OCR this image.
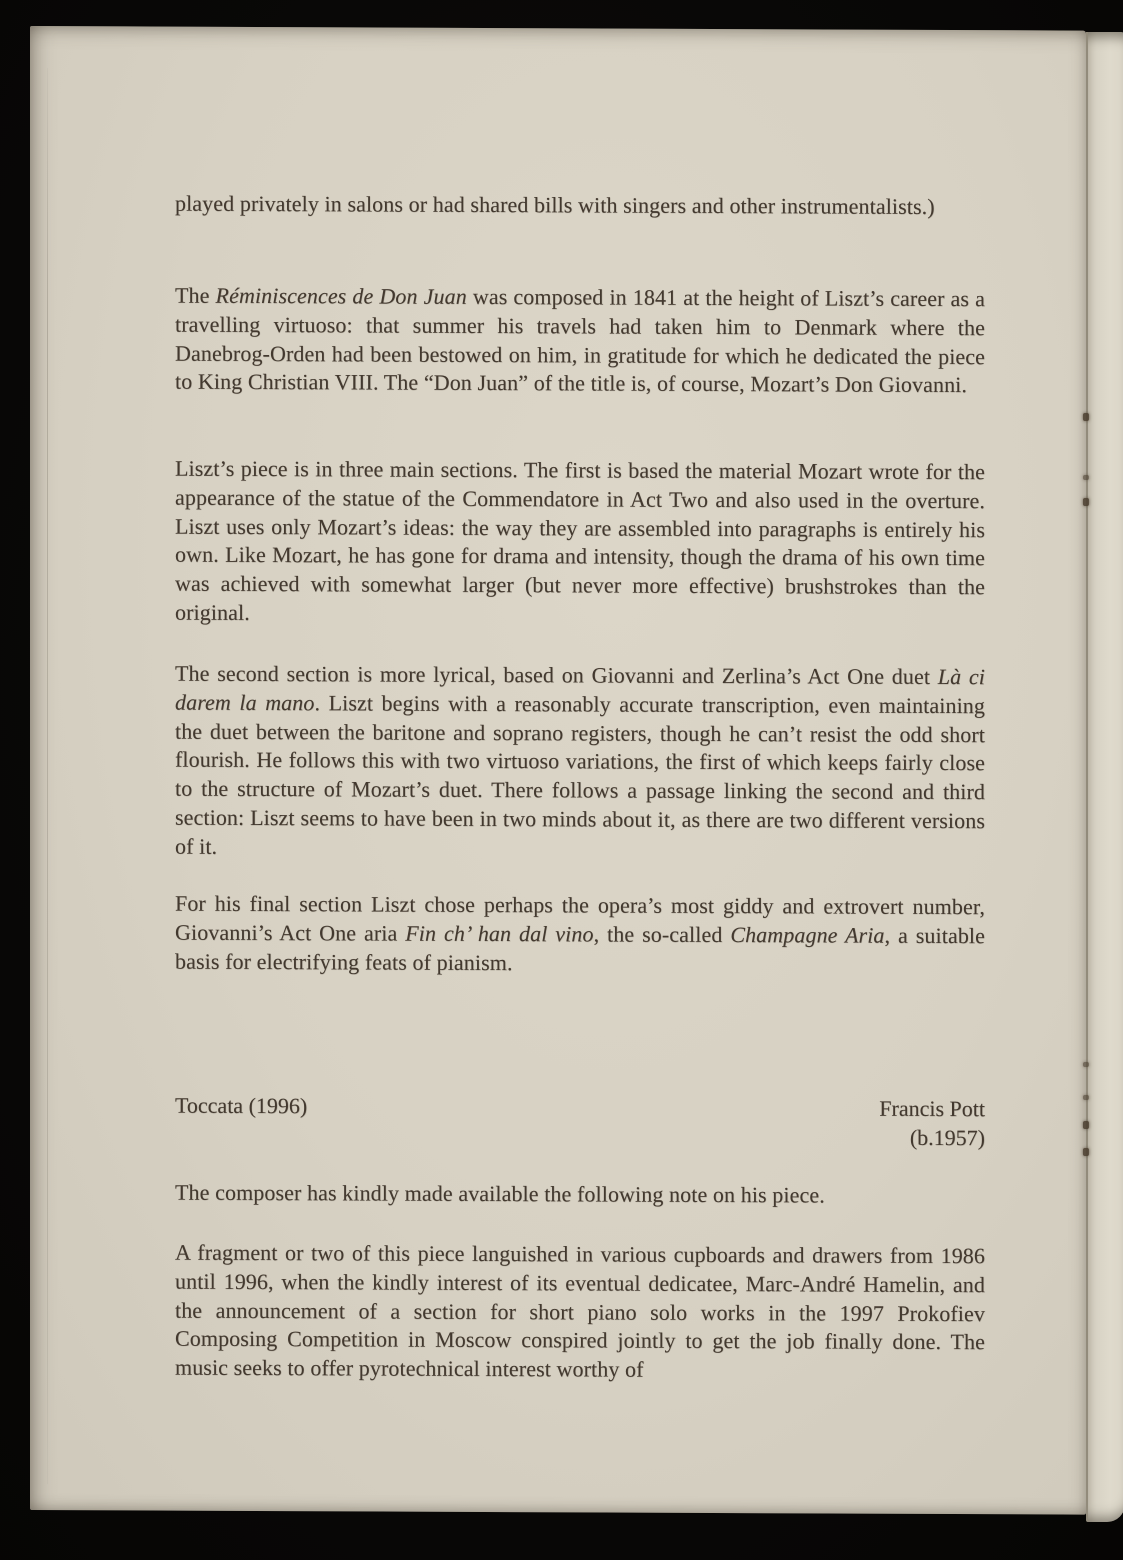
played privately in salons or had shared bills with singers and other instrumentalists.)

The Réminiscences de Don Juan was composed in 1841 at the height of Liszt’s career as a travelling virtuoso: that summer his travels had taken him to Denmark where the Danebrog-Orden had been bestowed on him, in gratitude for which he dedicated the piece to King Christian VIII. The “Don Juan” of the title is, of course, Mozart’s Don Giovanni.

Liszt’s piece is in three main sections. The first is based the material Mozart wrote for the appearance of the statue of the Commendatore in Act Two and also used in the overture. Liszt uses only Mozart’s ideas: the way they are assembled into paragraphs is entirely his own. Like Mozart, he has gone for drama and intensity, though the drama of his own time was achieved with somewhat larger (but never more effective) brushstrokes than the original.

The second section is more lyrical, based on Giovanni and Zerlina’s Act One duet Là ci darem la mano. Liszt begins with a reasonably accurate transcription, even maintaining the duet between the baritone and soprano registers, though he can’t resist the odd short flourish. He follows this with two virtuoso variations, the first of which keeps fairly close to the structure of Mozart’s duet. There follows a passage linking the second and third section: Liszt seems to have been in two minds about it, as there are two different versions of it.

For his final section Liszt chose perhaps the opera’s most giddy and extrovert number, Giovanni’s Act One aria Fin ch’ han dal vino, the so-called Champagne Aria, a suitable basis for electrifying feats of pianism.

Toccata (1996)	Francis Pott
(b.1957)

The composer has kindly made available the following note on his piece.

A fragment or two of this piece languished in various cupboards and drawers from 1986 until 1996, when the kindly interest of its eventual dedicatee, Marc-André Hamelin, and the announcement of a section for short piano solo works in the 1997 Prokofiev Composing Competition in Moscow conspired jointly to get the job finally done. The music seeks to offer pyrotechnical interest worthy of
